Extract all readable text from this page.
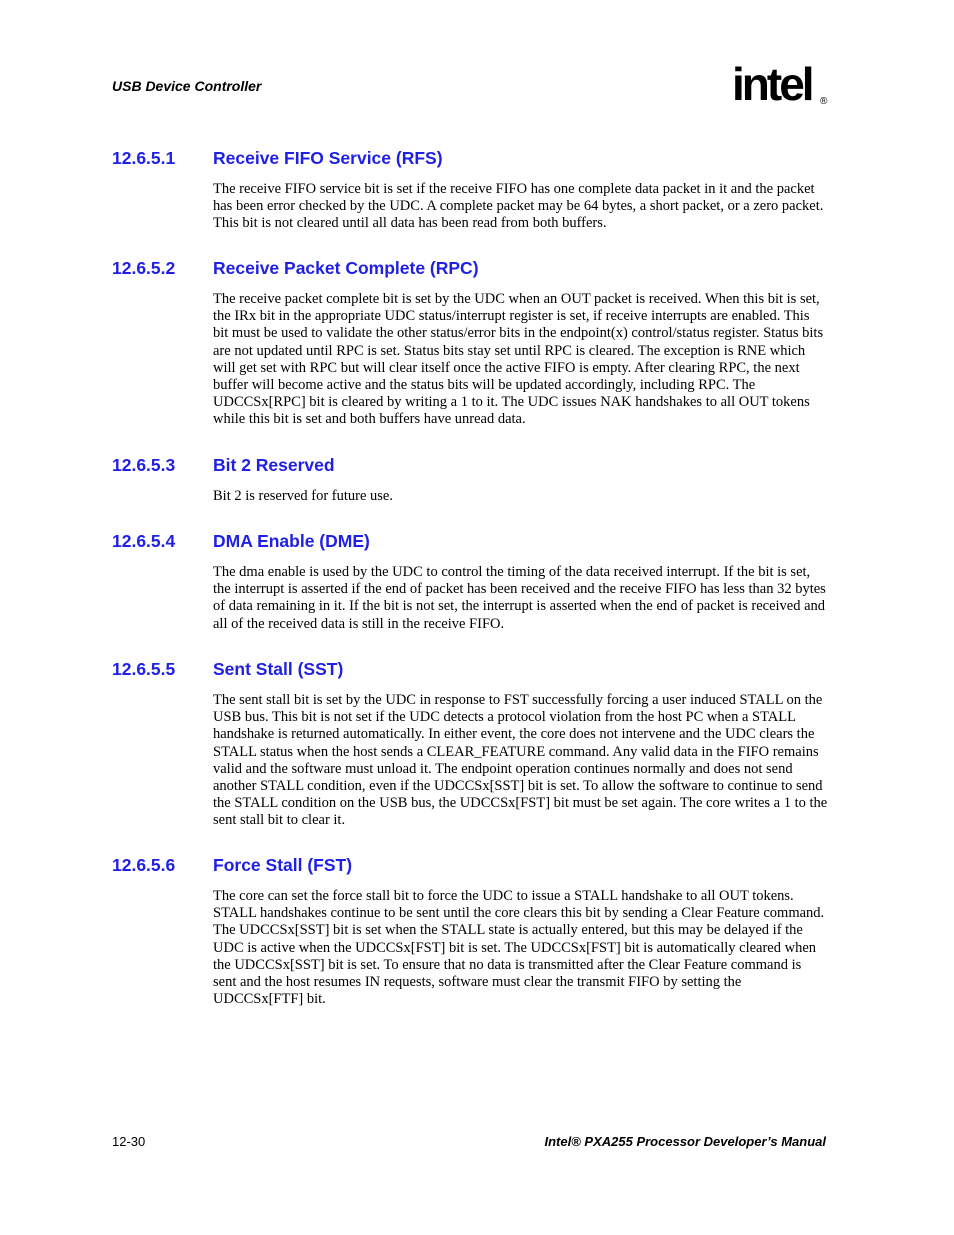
USB Device Controller	intel ®
12.6.5.1	Receive FIFO Service (RFS)
The receive FIFO service bit is set if the receive FIFO has one complete data packet in it and the packet has been error checked by the UDC. A complete packet may be 64 bytes, a short packet, or a zero packet. This bit is not cleared until all data has been read from both buffers.
12.6.5.2	Receive Packet Complete (RPC)
The receive packet complete bit is set by the UDC when an OUT packet is received. When this bit is set, the IRx bit in the appropriate UDC status/interrupt register is set, if receive interrupts are enabled. This bit must be used to validate the other status/error bits in the endpoint(x) control/status register. Status bits are not updated until RPC is set. Status bits stay set until RPC is cleared. The exception is RNE which will get set with RPC but will clear itself once the active FIFO is empty. After clearing RPC, the next buffer will become active and the status bits will be updated accordingly, including RPC. The UDCCSx[RPC] bit is cleared by writing a 1 to it. The UDC issues NAK handshakes to all OUT tokens while this bit is set and both buffers have unread data.
12.6.5.3	Bit 2 Reserved
Bit 2 is reserved for future use.
12.6.5.4	DMA Enable (DME)
The dma enable is used by the UDC to control the timing of the data received interrupt. If the bit is set, the interrupt is asserted if the end of packet has been received and the receive FIFO has less than 32 bytes of data remaining in it. If the bit is not set, the interrupt is asserted when the end of packet is received and all of the received data is still in the receive FIFO.
12.6.5.5	Sent Stall (SST)
The sent stall bit is set by the UDC in response to FST successfully forcing a user induced STALL on the USB bus. This bit is not set if the UDC detects a protocol violation from the host PC when a STALL handshake is returned automatically. In either event, the core does not intervene and the UDC clears the STALL status when the host sends a CLEAR_FEATURE command. Any valid data in the FIFO remains valid and the software must unload it. The endpoint operation continues normally and does not send another STALL condition, even if the UDCCSx[SST] bit is set. To allow the software to continue to send the STALL condition on the USB bus, the UDCCSx[FST] bit must be set again. The core writes a 1 to the sent stall bit to clear it.
12.6.5.6	Force Stall (FST)
The core can set the force stall bit to force the UDC to issue a STALL handshake to all OUT tokens. STALL handshakes continue to be sent until the core clears this bit by sending a Clear Feature command. The UDCCSx[SST] bit is set when the STALL state is actually entered, but this may be delayed if the UDC is active when the UDCCSx[FST] bit is set. The UDCCSx[FST] bit is automatically cleared when the UDCCSx[SST] bit is set. To ensure that no data is transmitted after the Clear Feature command is sent and the host resumes IN requests, software must clear the transmit FIFO by setting the UDCCSx[FTF] bit.
12-30	Intel® PXA255 Processor Developer’s Manual
